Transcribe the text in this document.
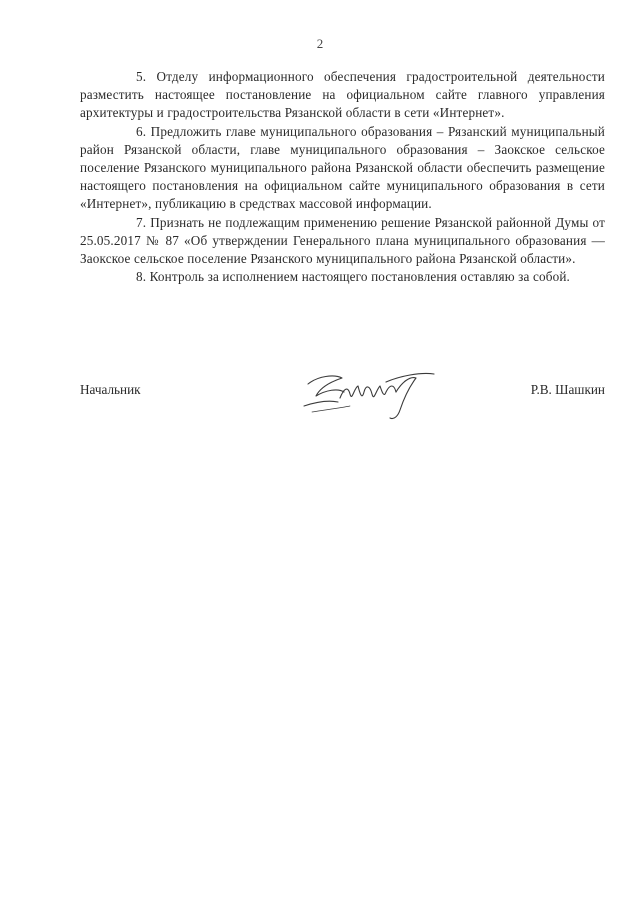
2

5. Отделу информационного обеспечения градостроительной деятельности разместить настоящее постановление на официальном сайте главного управления архитектуры и градостроительства Рязанской области в сети «Интернет».

6. Предложить главе муниципального образования – Рязанский муниципальный район Рязанской области, главе муниципального образования – Заокское сельское поселение Рязанского муниципального района Рязанской области обеспечить размещение настоящего постановления на официальном сайте муниципального образования в сети «Интернет», публикацию в средствах массовой информации.

7. Признать не подлежащим применению решение Рязанской районной Думы от 25.05.2017 № 87 «Об утверждении Генерального плана муниципального образования — Заокское сельское поселение Рязанского муниципального района Рязанской области».

8. Контроль за исполнением настоящего постановления оставляю за собой.

Начальник	Р.В. Шашкин
